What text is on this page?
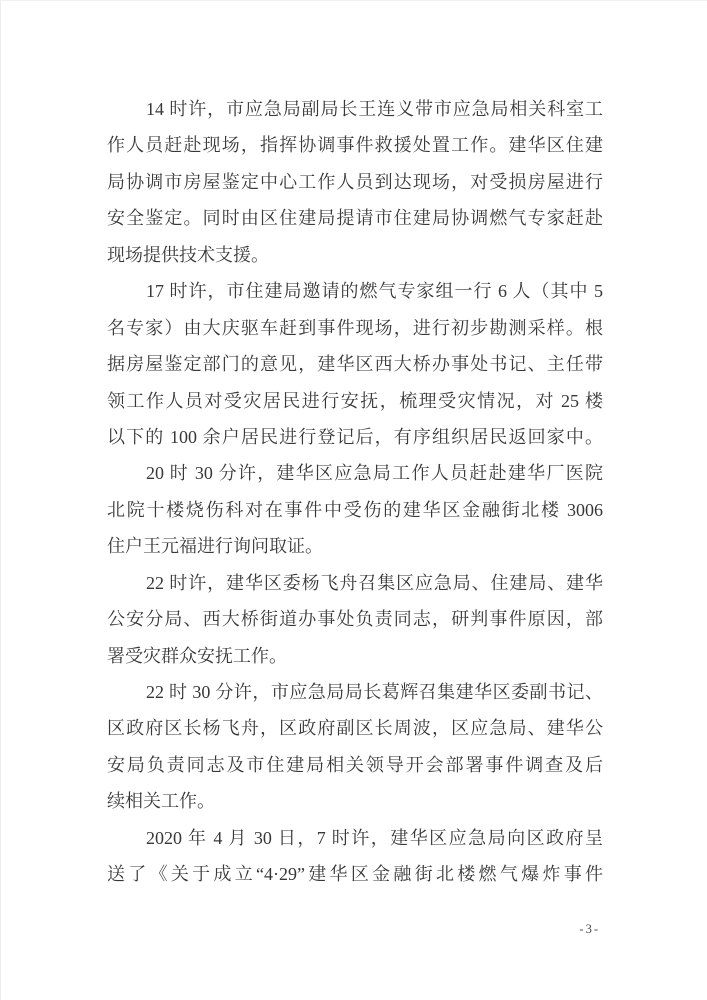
14 时许，市应急局副局长王连义带市应急局相关科室工

作人员赶赴现场，指挥协调事件救援处置工作。建华区住建

局协调市房屋鉴定中心工作人员到达现场，对受损房屋进行

安全鉴定。同时由区住建局提请市住建局协调燃气专家赶赴

现场提供技术支援。

17 时许，市住建局邀请的燃气专家组一行 6 人（其中 5

名专家）由大庆驱车赶到事件现场，进行初步勘测采样。根

据房屋鉴定部门的意见，建华区西大桥办事处书记、主任带

领工作人员对受灾居民进行安抚，梳理受灾情况，对 25 楼

以下的 100 余户居民进行登记后，有序组织居民返回家中。

20 时 30 分许，建华区应急局工作人员赶赴建华厂医院

北院十楼烧伤科对在事件中受伤的建华区金融街北楼 3006

住户王元福进行询问取证。

22 时许，建华区委杨飞舟召集区应急局、住建局、建华

公安分局、西大桥街道办事处负责同志，研判事件原因，部

署受灾群众安抚工作。

22 时 30 分许，市应急局局长葛辉召集建华区委副书记、

区政府区长杨飞舟，区政府副区长周波，区应急局、建华公

安局负责同志及市住建局相关领导开会部署事件调查及后

续相关工作。

2020 年 4 月 30 日，7 时许，建华区应急局向区政府呈

送了《关于成立“4·29”建华区金融街北楼燃气爆炸事件

-3-
